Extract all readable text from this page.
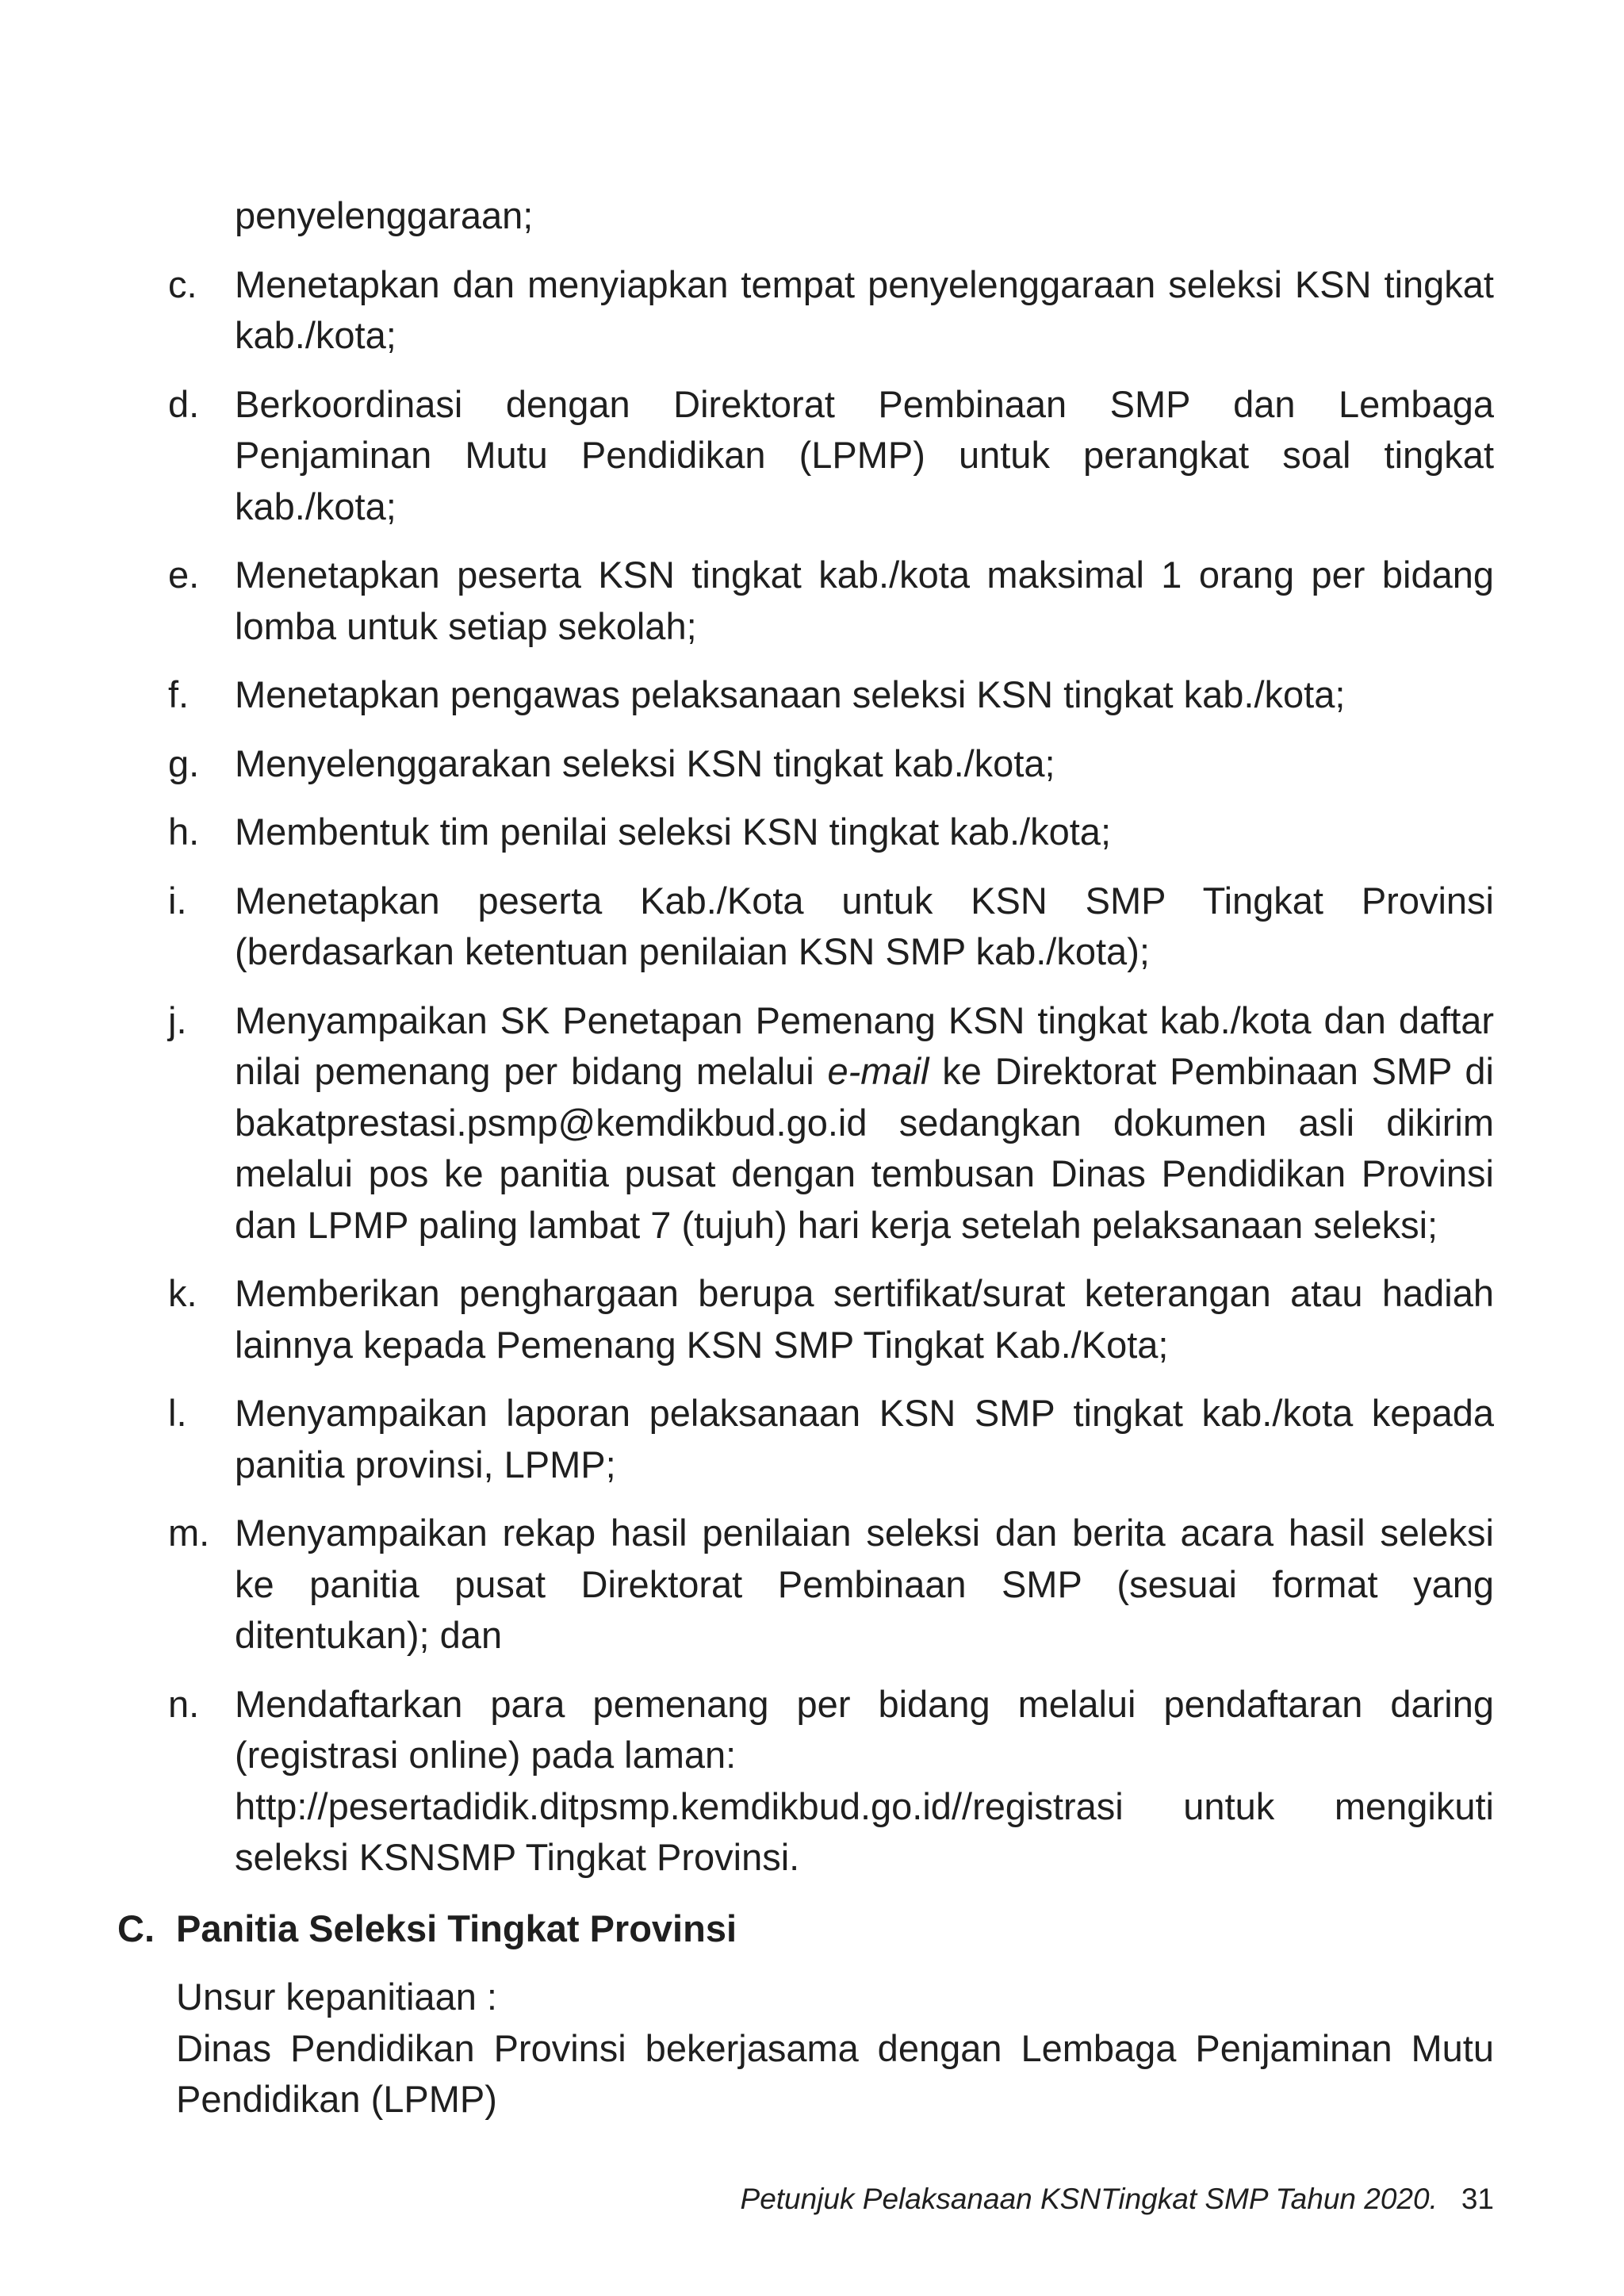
penyelenggaraan;
c.	Menetapkan dan menyiapkan tempat penyelenggaraan seleksi KSN tingkat kab./kota;
d. Berkoordinasi dengan Direktorat Pembinaan SMP dan Lembaga Penjaminan Mutu Pendidikan (LPMP) untuk perangkat soal tingkat kab./kota;
e. Menetapkan peserta KSN tingkat kab./kota maksimal 1 orang per bidang lomba untuk setiap sekolah;
f.	Menetapkan pengawas pelaksanaan seleksi KSN tingkat kab./kota;
g. Menyelenggarakan seleksi KSN tingkat kab./kota;
h. Membentuk tim penilai seleksi KSN tingkat kab./kota;
i.	Menetapkan peserta Kab./Kota untuk KSN SMP Tingkat Provinsi (berdasarkan ketentuan penilaian KSN SMP kab./kota);
j.	Menyampaikan SK Penetapan Pemenang KSN tingkat kab./kota dan daftar nilai pemenang per bidang melalui e-mail ke Direktorat Pembinaan SMP di bakatprestasi.psmp@kemdikbud.go.id sedangkan dokumen asli dikirim melalui pos ke panitia pusat dengan tembusan Dinas Pendidikan Provinsi dan LPMP paling lambat 7 (tujuh) hari kerja setelah pelaksanaan seleksi;
k.	Memberikan penghargaan berupa sertifikat/surat keterangan atau hadiah lainnya kepada Pemenang KSN SMP Tingkat Kab./Kota;
l.	Menyampaikan laporan pelaksanaan KSN SMP tingkat kab./kota kepada panitia provinsi, LPMP;
m. Menyampaikan rekap hasil penilaian seleksi dan berita acara hasil seleksi ke panitia pusat Direktorat Pembinaan SMP (sesuai format yang ditentukan); dan
n. Mendaftarkan para pemenang per bidang melalui pendaftaran daring (registrasi online) pada laman:
http://pesertadidik.ditpsmp.kemdikbud.go.id//registrasi untuk mengikuti
seleksi KSNSMP Tingkat Provinsi.
C. Panitia Seleksi Tingkat Provinsi
Unsur kepanitiaan :
Dinas Pendidikan Provinsi bekerjasama dengan Lembaga Penjaminan Mutu Pendidikan (LPMP)
Petunjuk Pelaksanaan KSNTingkat SMP Tahun 2020. 31
